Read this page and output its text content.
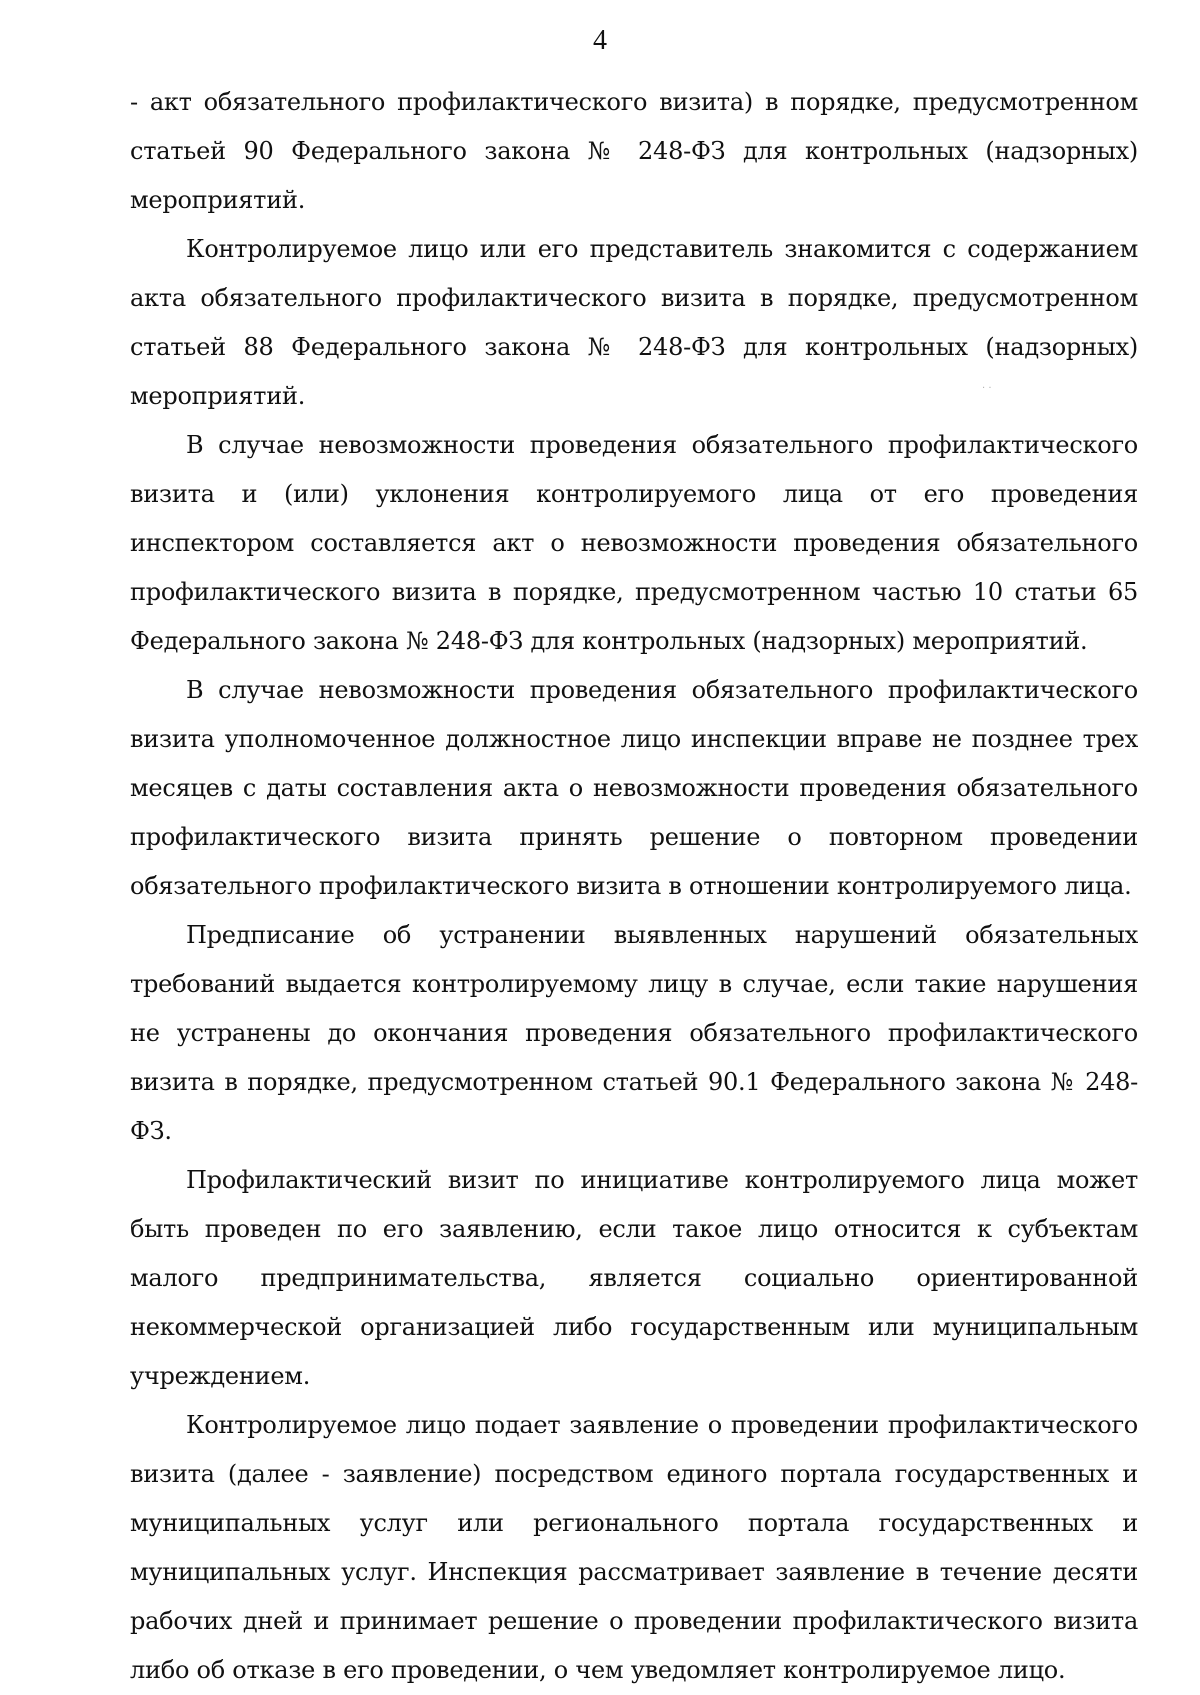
4

- акт обязательного профилактического визита) в порядке, предусмотренном статьей 90 Федерального закона № 248-ФЗ для контрольных (надзорных) мероприятий.

Контролируемое лицо или его представитель знакомится с содержанием акта обязательного профилактического визита в порядке, предусмотренном статьей 88 Федерального закона № 248-ФЗ для контрольных (надзорных) мероприятий.

В случае невозможности проведения обязательного профилактического визита и (или) уклонения контролируемого лица от его проведения инспектором составляется акт о невозможности проведения обязательного профилактического визита в порядке, предусмотренном частью 10 статьи 65 Федерального закона № 248-ФЗ для контрольных (надзорных) мероприятий.

В случае невозможности проведения обязательного профилактического визита уполномоченное должностное лицо инспекции вправе не позднее трех месяцев с даты составления акта о невозможности проведения обязательного профилактического визита принять решение о повторном проведении обязательного профилактического визита в отношении контролируемого лица.

Предписание об устранении выявленных нарушений обязательных требований выдается контролируемому лицу в случае, если такие нарушения не устранены до окончания проведения обязательного профилактического визита в порядке, предусмотренном статьей 90.1 Федерального закона № 248-ФЗ.

Профилактический визит по инициативе контролируемого лица может быть проведен по его заявлению, если такое лицо относится к субъектам малого предпринимательства, является социально ориентированной некоммерческой организацией либо государственным или муниципальным учреждением.

Контролируемое лицо подает заявление о проведении профилактического визита (далее - заявление) посредством единого портала государственных и муниципальных услуг или регионального портала государственных и муниципальных услуг. Инспекция рассматривает заявление в течение десяти рабочих дней и принимает решение о проведении профилактического визита либо об отказе в его проведении, о чем уведомляет контролируемое лицо.

· ·
